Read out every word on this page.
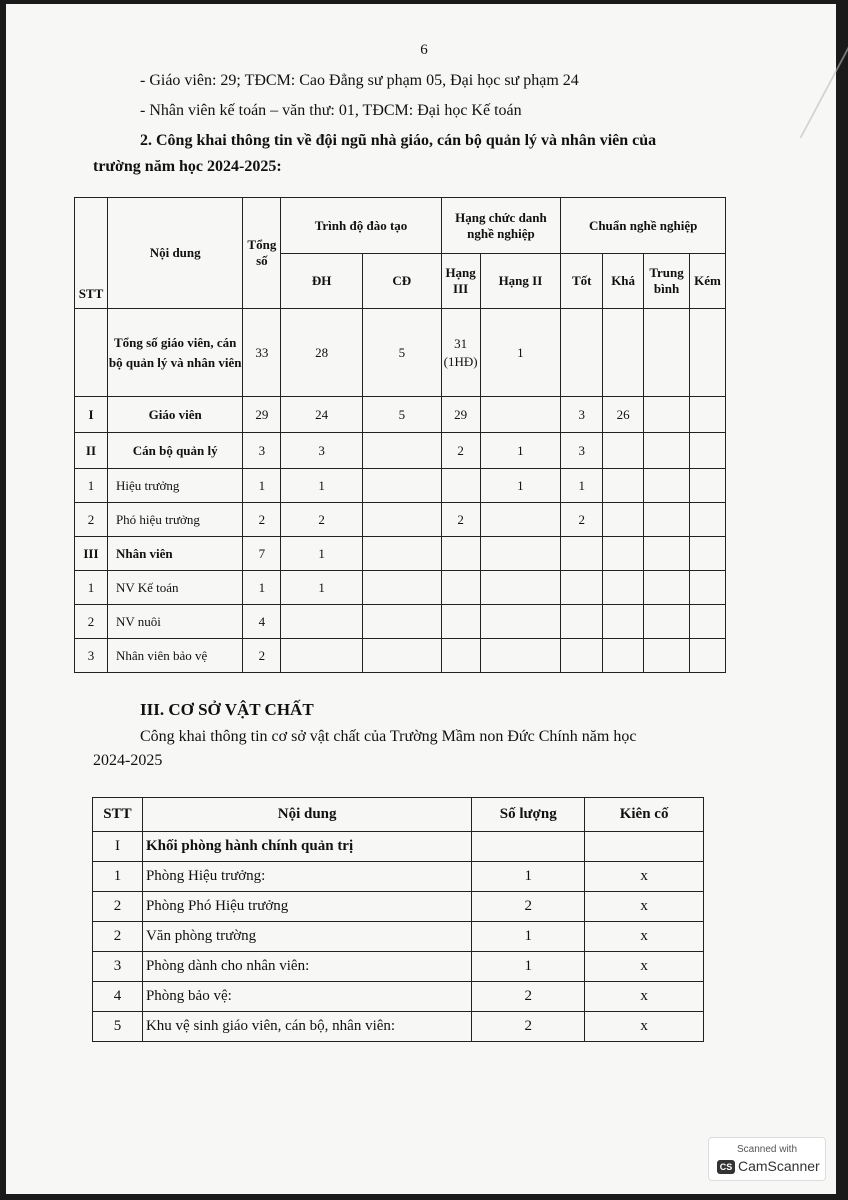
6
- Giáo viên: 29; TĐCM: Cao Đẳng sư phạm 05, Đại học sư phạm 24
- Nhân viên kế toán – văn thư: 01, TĐCM: Đại học Kế toán
2. Công khai thông tin về đội ngũ nhà giáo, cán bộ quản lý và nhân viên của
trường năm học 2024-2025:
STT	Nội dung	Tổng số	Trình độ đào tạo		Hạng chức danh nghề nghiệp		Chuẩn nghề nghiệp			
			ĐH	CĐ	Hạng III	Hạng II	Tốt	Khá	Trung bình	Kém
	Tổng số giáo viên, cán bộ quản lý và nhân viên	33	28	5	31 (1HĐ)	1				
I	Giáo viên	29	24	5	29		3	26		
II	Cán bộ quản lý	3	3		2	1	3			
1	Hiệu trưởng	1	1			1	1			
2	Phó hiệu trưởng	2	2		2		2			
III	Nhân viên	7	1							
1	NV Kế toán	1	1							
2	NV nuôi	4								
3	Nhân viên bảo vệ	2								
III. CƠ SỞ VẬT CHẤT
Công khai thông tin cơ sở vật chất của Trường Mầm non Đức Chính năm học
2024-2025
STT	Nội dung	Số lượng	Kiên cố
I	Khối phòng hành chính quản trị		
1	Phòng Hiệu trưởng:	1	x
2	Phòng Phó Hiệu trưởng	2	x
2	Văn phòng trường	1	x
3	Phòng dành cho nhân viên:	1	x
4	Phòng bảo vệ:	2	x
5	Khu vệ sinh giáo viên, cán bộ, nhân viên:	2	x
Scanned with
CS CamScanner
